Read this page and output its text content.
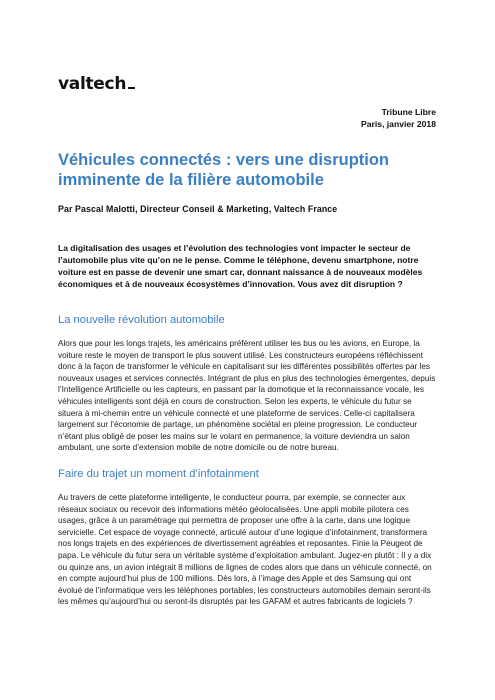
valtech
Tribune Libre
Paris, janvier 2018
Véhicules connectés : vers une disruption imminente de la filière automobile
Par Pascal Malotti, Directeur Conseil & Marketing, Valtech France

La digitalisation des usages et l’évolution des technologies vont impacter le secteur de l’automobile plus vite qu’on ne le pense. Comme le téléphone, devenu smartphone, notre voiture est en passe de devenir une smart car, donnant naissance à de nouveaux modèles économiques et à de nouveaux écosystèmes d’innovation. Vous avez dit disruption ?

La nouvelle révolution automobile

Alors que pour les longs trajets, les américains préfèrent utiliser les bus ou les avions, en Europe, la voiture reste le moyen de transport le plus souvent utilisé. Les constructeurs européens réfléchissent donc à la façon de transformer le véhicule en capitalisant sur les différentes possibilités offertes par les nouveaux usages et services connectés. Intégrant de plus en plus des technologies émergentes, depuis l’Intelligence Artificielle ou les capteurs, en passant par la domotique et la reconnaissance vocale, les véhicules intelligents sont déjà en cours de construction. Selon les experts, le véhicule du futur se situera à mi-chemin entre un véhicule connecté et une plateforme de services. Celle-ci capitalisera largement sur l’économie de partage, un phénomène sociétal en pleine progression. Le conducteur n’étant plus obligé de poser les mains sur le volant en permanence, la voiture deviendra un salon ambulant, une sorte d’extension mobile de notre domicile ou de notre bureau.

Faire du trajet un moment d’infotainment

Au travers de cette plateforme intelligente, le conducteur pourra, par exemple, se connecter aux réseaux sociaux ou recevoir des informations météo géolocalisées. Une appli mobile pilotera ces usages, grâce à un paramétrage qui permettra de proposer une offre à la carte, dans une logique servicielle. Cet espace de voyage connecté, articulé autour d’une logique d’infotainment, transformera nos longs trajets en des expériences de divertissement agréables et reposantes. Finie la Peugeot de papa. Le véhicule du futur sera un véritable système d’exploitation ambulant. Jugez-en plutôt : Il y a dix ou quinze ans, un avion intégrait 8 millions de lignes de codes alors que dans un véhicule connecté, on en compte aujourd’hui plus de 100 millions. Dès lors, à l’image des Apple et des Samsung qui ont évolué de l’informatique vers les téléphones portables, les constructeurs automobiles demain seront-ils les mêmes qu’aujourd’hui ou seront-ils disruptés par les GAFAM et autres fabricants de logiciels ?
